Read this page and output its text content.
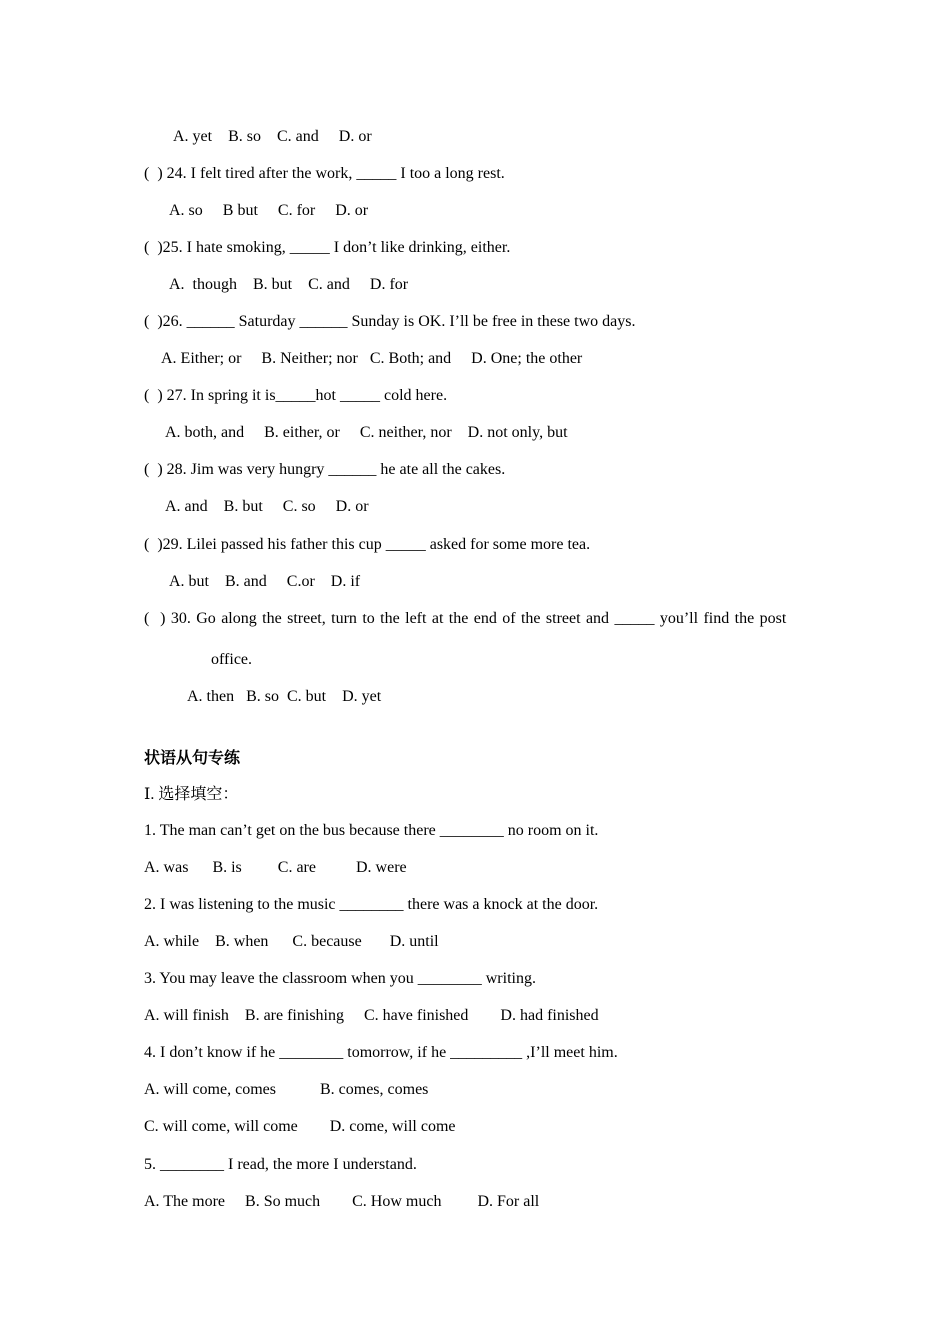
A. yet    B. so    C. and     D. or
(  ) 24. I felt tired after the work, _____ I too a long rest.
A. so     B but     C. for     D. or
(  )25. I hate smoking, _____ I don’t like drinking, either.
A.  though    B. but    C. and     D. for
(  )26. ______ Saturday ______ Sunday is OK. I’ll be free in these two days.
A. Either; or     B. Neither; nor   C. Both; and     D. One; the other
(  ) 27. In spring it is_____hot _____ cold here.
A. both, and     B. either, or     C. neither, nor    D. not only, but
(  ) 28. Jim was very hungry ______ he ate all the cakes.
A. and    B. but     C. so     D. or
(  )29. Lilei passed his father this cup _____ asked for some more tea.
A. but    B. and     C.or    D. if
(  ) 30. Go along the street, turn to the left at the end of the street and _____ you’ll find the post
office.
A. then   B. so  C. but    D. yet
状语从句专练
Ⅰ. 选择填空：
1. The man can’t get on the bus because there ________ no room on it.
A. was      B. is         C. are          D. were
2. I was listening to the music ________ there was a knock at the door.
A. while    B. when      C. because       D. until
3. You may leave the classroom when you ________ writing.
A. will finish    B. are finishing     C. have finished        D. had finished
4. I don’t know if he ________ tomorrow, if he _________ ,I’ll meet him.
A. will come, comes           B. comes, comes
C. will come, will come        D. come, will come
5. ________ I read, the more I understand.
A. The more     B. So much        C. How much         D. For all
